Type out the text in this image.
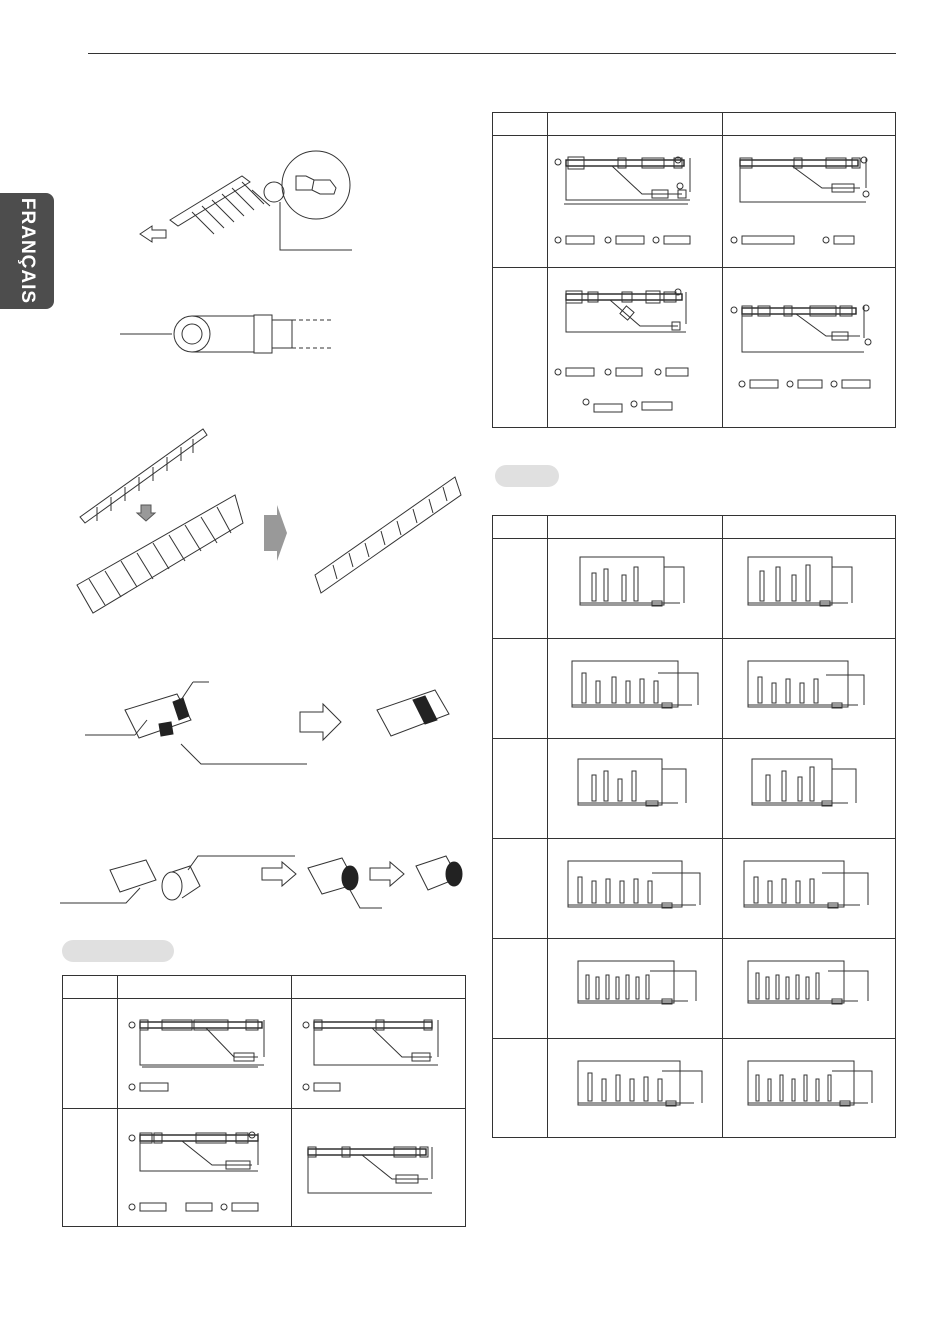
FRANÇAIS
